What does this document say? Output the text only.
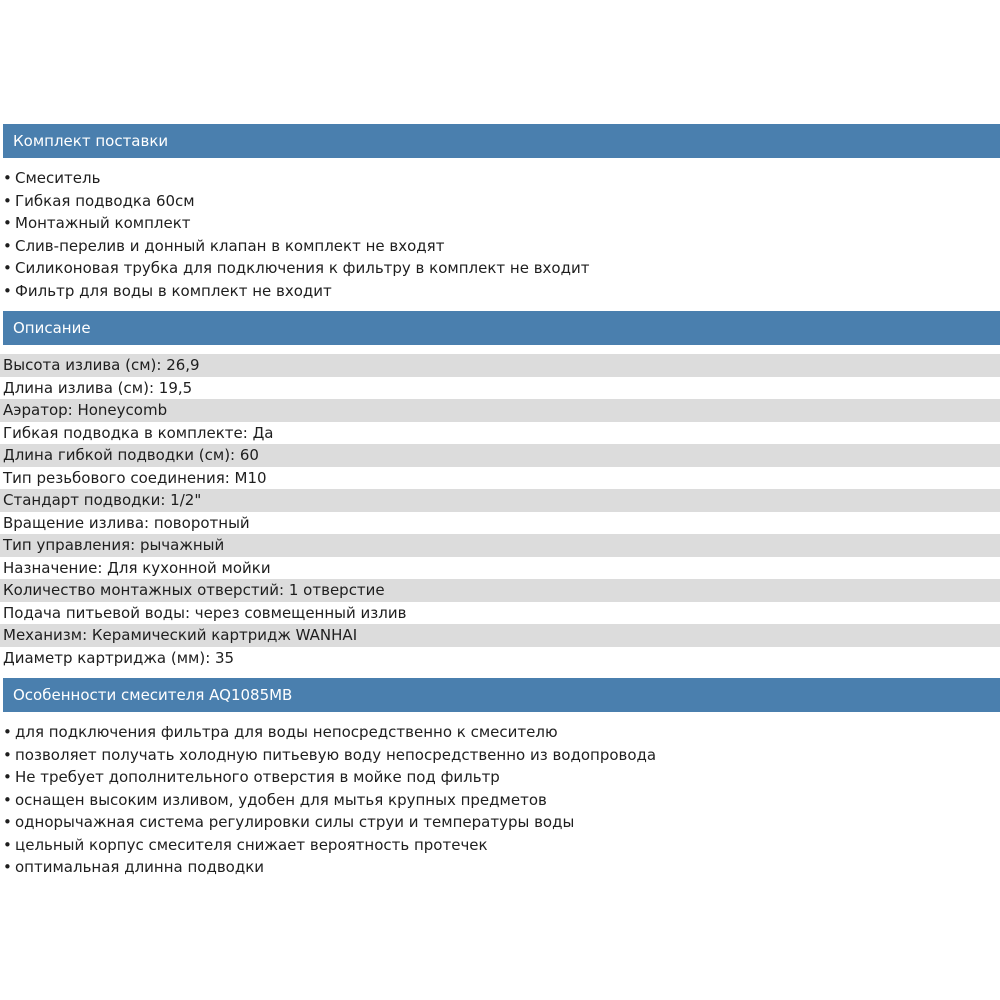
Комплект поставки
• Смеситель
• Гибкая подводка 60см
• Монтажный комплект
• Слив-перелив и донный клапан в комплект не входят
• Силиконовая трубка для подключения к фильтру в комплект не входит
• Фильтр для воды в комплект не входит
Описание
Высота излива (см): 26,9
Длина излива (см): 19,5
Аэратор: Honeycomb
Гибкая подводка в комплекте: Да
Длина гибкой подводки (см): 60
Тип резьбового соединения: М10
Стандарт подводки: 1/2"
Вращение излива: поворотный
Тип управления: рычажный
Назначение: Для кухонной мойки
Количество монтажных отверстий: 1 отверстие
Подача питьевой воды: через совмещенный излив
Механизм: Керамический картридж WANHAI
Диаметр картриджа (мм): 35
Особенности смесителя AQ1085MB
• для подключения фильтра для воды непосредственно к смесителю
• позволяет получать холодную питьевую воду непосредственно из водопровода
• Не требует дополнительного отверстия в мойке под фильтр
• оснащен высоким изливом, удобен для мытья крупных предметов
• однорычажная система регулировки силы струи и температуры воды
• цельный корпус смесителя снижает вероятность протечек
• оптимальная длинна подводки
